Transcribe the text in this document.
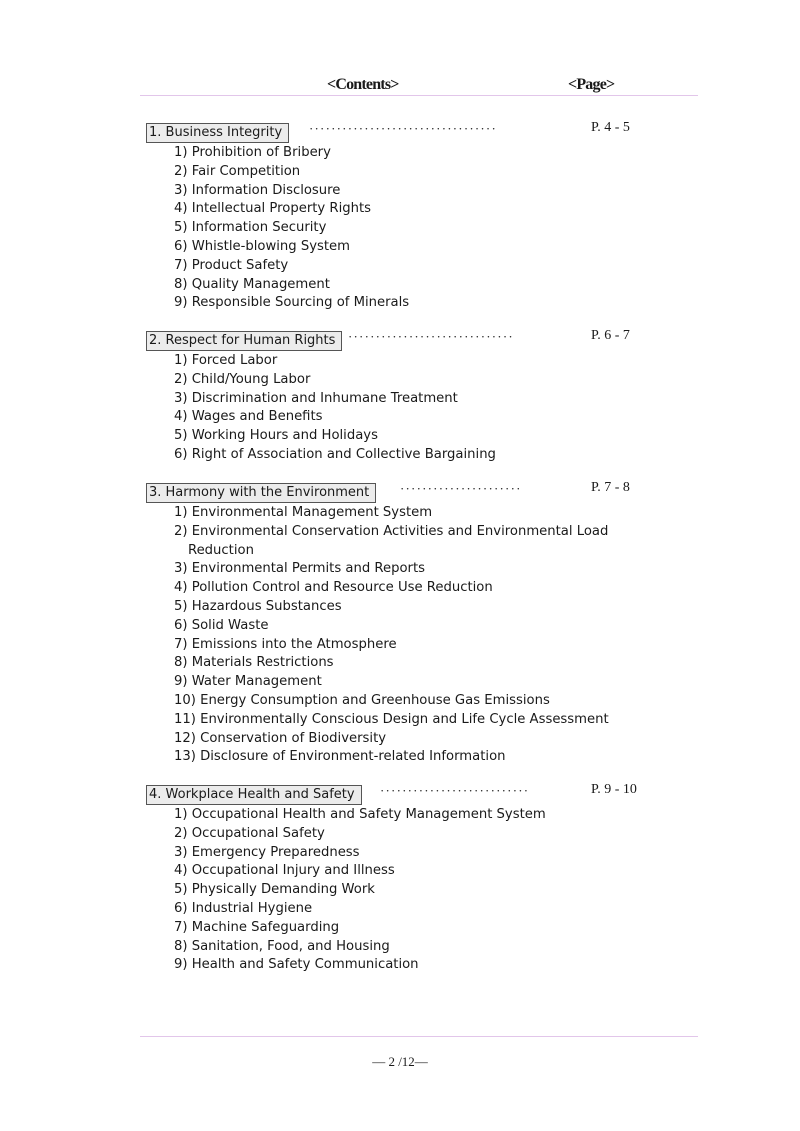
<Contents>	<Page>
1. Business Integrity	··································	P. 4 - 5
1) Prohibition of Bribery
2) Fair Competition
3) Information Disclosure
4) Intellectual Property Rights
5) Information Security
6) Whistle-blowing System
7) Product Safety
8) Quality Management
9) Responsible Sourcing of Minerals
2. Respect for Human Rights ······························	P. 6 - 7
1) Forced Labor
2) Child/Young Labor
3) Discrimination and Inhumane Treatment
4) Wages and Benefits
5) Working Hours and Holidays
6) Right of Association and Collective Bargaining
3. Harmony with the Environment	······················	P. 7 - 8
1) Environmental Management System
2) Environmental Conservation Activities and Environmental Load Reduction
3) Environmental Permits and Reports
4) Pollution Control and Resource Use Reduction
5) Hazardous Substances
6) Solid Waste
7) Emissions into the Atmosphere
8) Materials Restrictions
9) Water Management
10) Energy Consumption and Greenhouse Gas Emissions
11) Environmentally Conscious Design and Life Cycle Assessment
12) Conservation of Biodiversity
13) Disclosure of Environment-related Information
4. Workplace Health and Safety	···························	P. 9 - 10
1) Occupational Health and Safety Management System
2) Occupational Safety
3) Emergency Preparedness
4) Occupational Injury and Illness
5) Physically Demanding Work
6) Industrial Hygiene
7) Machine Safeguarding
8) Sanitation, Food, and Housing
9) Health and Safety Communication
— 2 /12—
